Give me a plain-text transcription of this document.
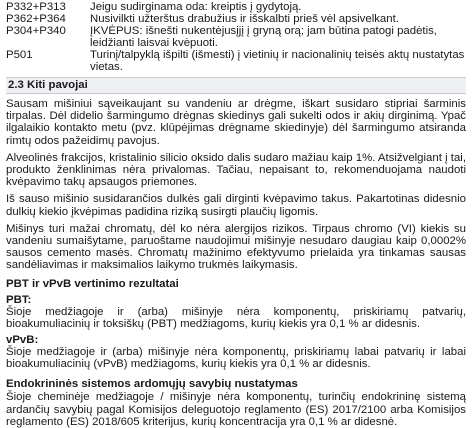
P332+P313	Jeigu sudirginama oda: kreiptis į gydytoją.
P362+P364	Nusivilkti užterštus drabužius ir išskalbti prieš vėl apsivelkant.
P304+P340	ĮKVĖPUS: išnešti nukentėjusįjį į gryną orą; jam būtina patogi padėtis, leidžianti laisvai kvėpuoti.
P501	Turinį/talpyklą išpilti (išmesti) į vietinių ir nacionalinių teisės aktų nustatytas vietas.
2.3 Kiti pavojai

Sausam mišiniui sąveikaujant su vandeniu ar drėgme, iškart susidaro stipriai šarminis tirpalas. Dėl didelio šarmingumo drėgnas skiedinys gali sukelti odos ir akių dirginimą. Ypač ilgalaikio kontakto metu (pvz. klūpėjimas drėgname skiedinyje) dėl šarmingumo atsiranda rimtų odos pažeidimų pavojus.

Alveolinės frakcijos, kristalinio silicio oksido dalis sudaro mažiau kaip 1%. Atsižvelgiant į tai, produkto ženklinimas nėra privalomas. Tačiau, nepaisant to, rekomenduojama naudoti kvėpavimo takų apsaugos priemones.

Iš sauso mišinio susidarančios dulkės gali dirginti kvėpavimo takus. Pakartotinas didesnio dulkių kiekio įkvėpimas padidina riziką susirgti plaučių ligomis.

Mišinys turi mažai chromatų, dėl ko nėra alergijos rizikos. Tirpaus chromo (VI) kiekis su vandeniu sumaišytame, paruoštame naudojimui mišinyje nesudaro daugiau kaip 0,0002% sausos cemento masės. Chromatų mažinimo efektyvumo prielaida yra tinkamas sausas sandėliavimas ir maksimalios laikymo trukmės laikymasis.

PBT ir vPvB vertinimo rezultatai
PBT:

Šioje medžiagoje ir (arba) mišinyje nėra komponentų, priskiriamų patvarių, bioakumuliacinių ir toksiškų (PBT) medžiagoms, kurių kiekis yra 0,1 % ar didesnis.

vPvB:

Šioje medžiagoje ir (arba) mišinyje nėra komponentų, priskiriamų labai patvarių ir labai bioakumuliacinių (vPvB) medžiagoms, kurių kiekis yra 0,1 % ar didesnis.

Endokrininės sistemos ardomųjų savybių nustatymas

Šioje cheminėje medžiagoje / mišinyje nėra komponentų, turinčių endokrininę sistemą ardančių savybių pagal Komisijos deleguotojo reglamento (ES) 2017/2100 arba Komisijos reglamento (ES) 2018/605 kriterijus, kurių koncentracija yra 0,1 % ar didesnė.
